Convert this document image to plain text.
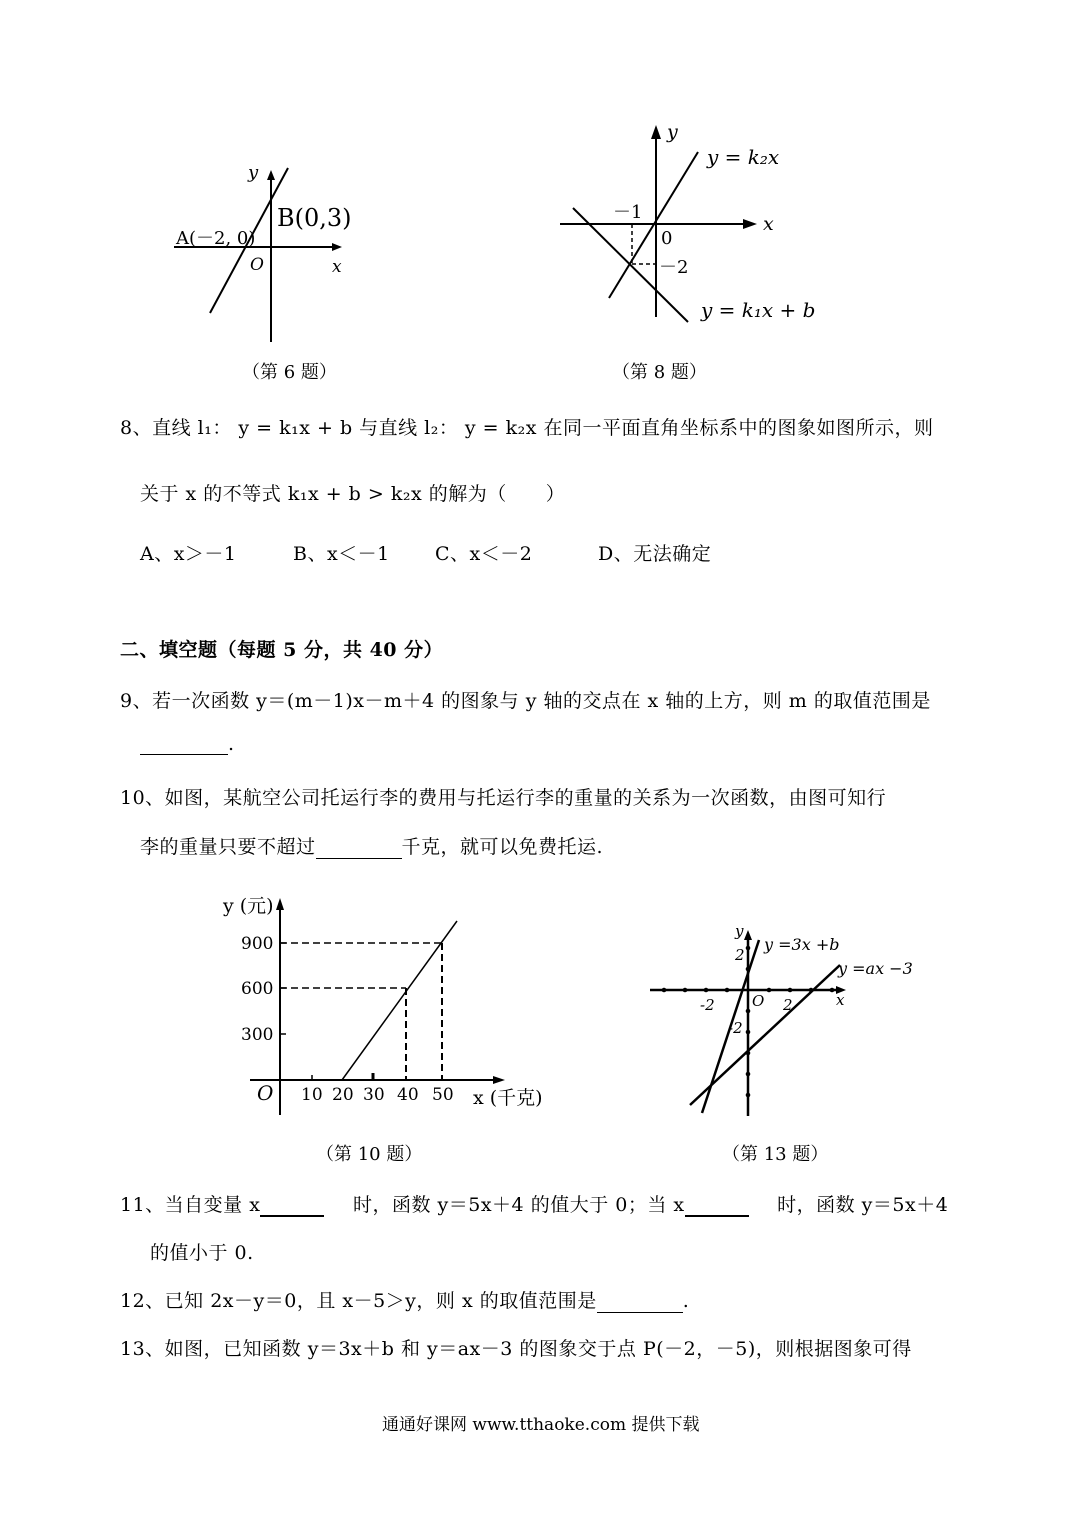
y
x
O
A(－2, 0)
B(0,3)
（第 6 题）
y
x
－1
0
－2
y = k₂x
y = k₁x + b
（第 8 题）
8、直线 l₁： y = k₁x + b 与直线 l₂： y = k₂x 在同一平面直角坐标系中的图象如图所示，则
关于 x 的不等式 k₁x + b > k₂x 的解为（　　）
A、x＞－1	B、x＜－1 C、x＜－2	D、无法确定
二、填空题（每题 5 分，共 40 分）
9、若一次函数 y＝(m－1)x－m＋4 的图象与 y 轴的交点在 x 轴的上方，则 m 的取值范围是
.
10、如图，某航空公司托运行李的费用与托运行李的重量的关系为一次函数，由图可知行
李的重量只要不超过	千克，就可以免费托运.
y (元)
x (千克)
O
900
600
300
10 20 30 40 50
（第 10 题）
y
x
O
2
-2	2
-2
y =3x +b
y =ax −3
（第 13 题）
11、当自变量 x	时，函数 y＝5x＋4 的值大于 0；当 x	时，函数 y＝5x＋4
的值小于 0.
12、已知 2x－y＝0，且 x－5＞y，则 x 的取值范围是	.
13、如图，已知函数 y＝3x＋b 和 y＝ax－3 的图象交于点 P(－2，－5)，则根据图象可得
通通好课网 www.tthaoke.com 提供下载
